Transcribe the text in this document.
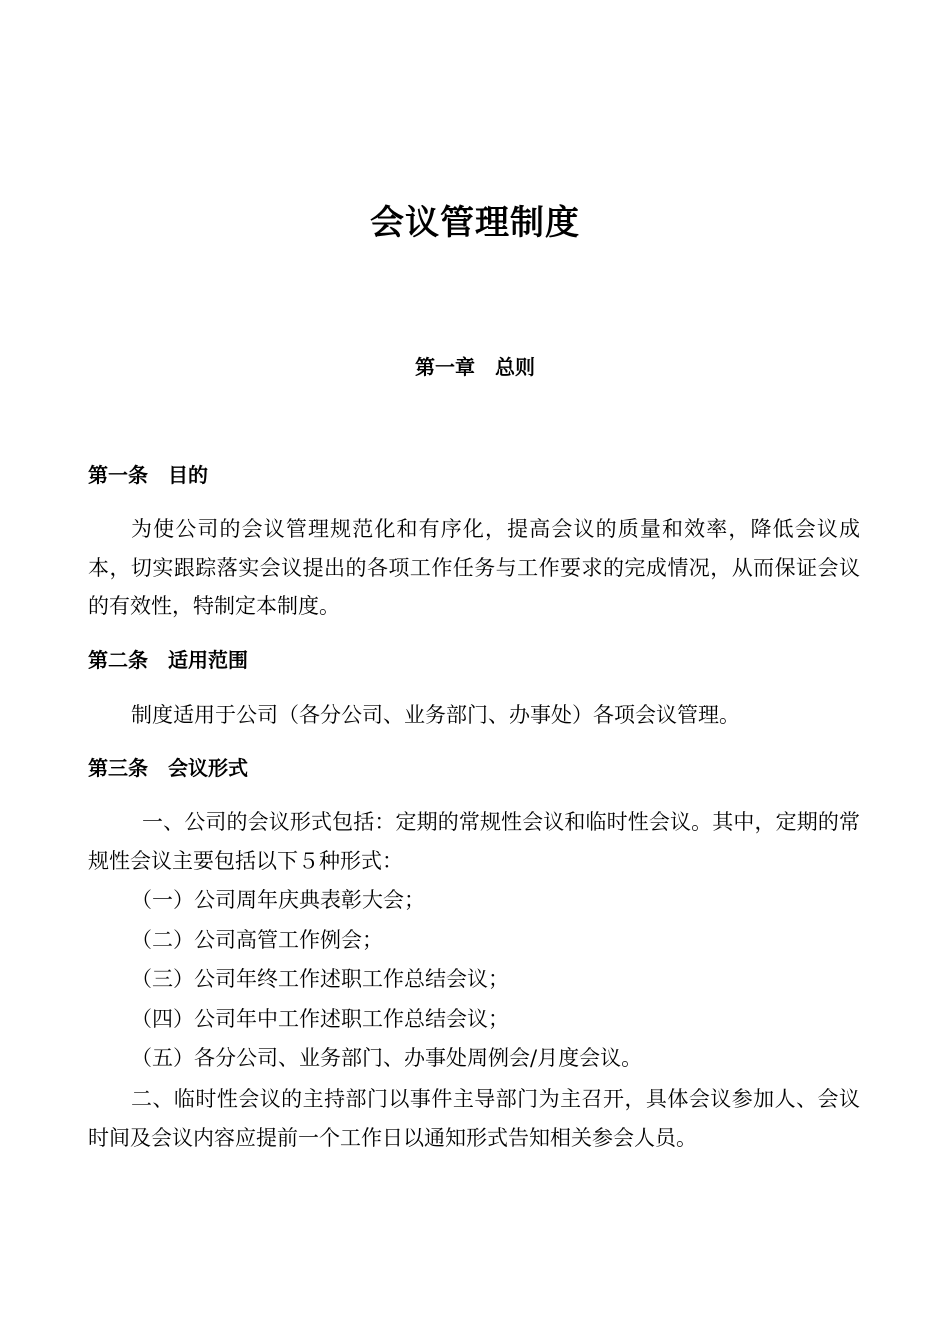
会议管理制度
第一章　总则
第一条　目的
为使公司的会议管理规范化和有序化，提高会议的质量和效率，降低会议成本，切实跟踪落实会议提出的各项工作任务与工作要求的完成情况，从而保证会议的有效性，特制定本制度。
第二条　适用范围
制度适用于公司（各分公司、业务部门、办事处）各项会议管理。
第三条　会议形式
一、公司的会议形式包括：定期的常规性会议和临时性会议。其中，定期的常规性会议主要包括以下５种形式：
（一）公司周年庆典表彰大会；
（二）公司高管工作例会；
（三）公司年终工作述职工作总结会议；
（四）公司年中工作述职工作总结会议；
（五）各分公司、业务部门、办事处周例会/月度会议。
二、临时性会议的主持部门以事件主导部门为主召开，具体会议参加人、会议时间及会议内容应提前一个工作日以通知形式告知相关参会人员。
